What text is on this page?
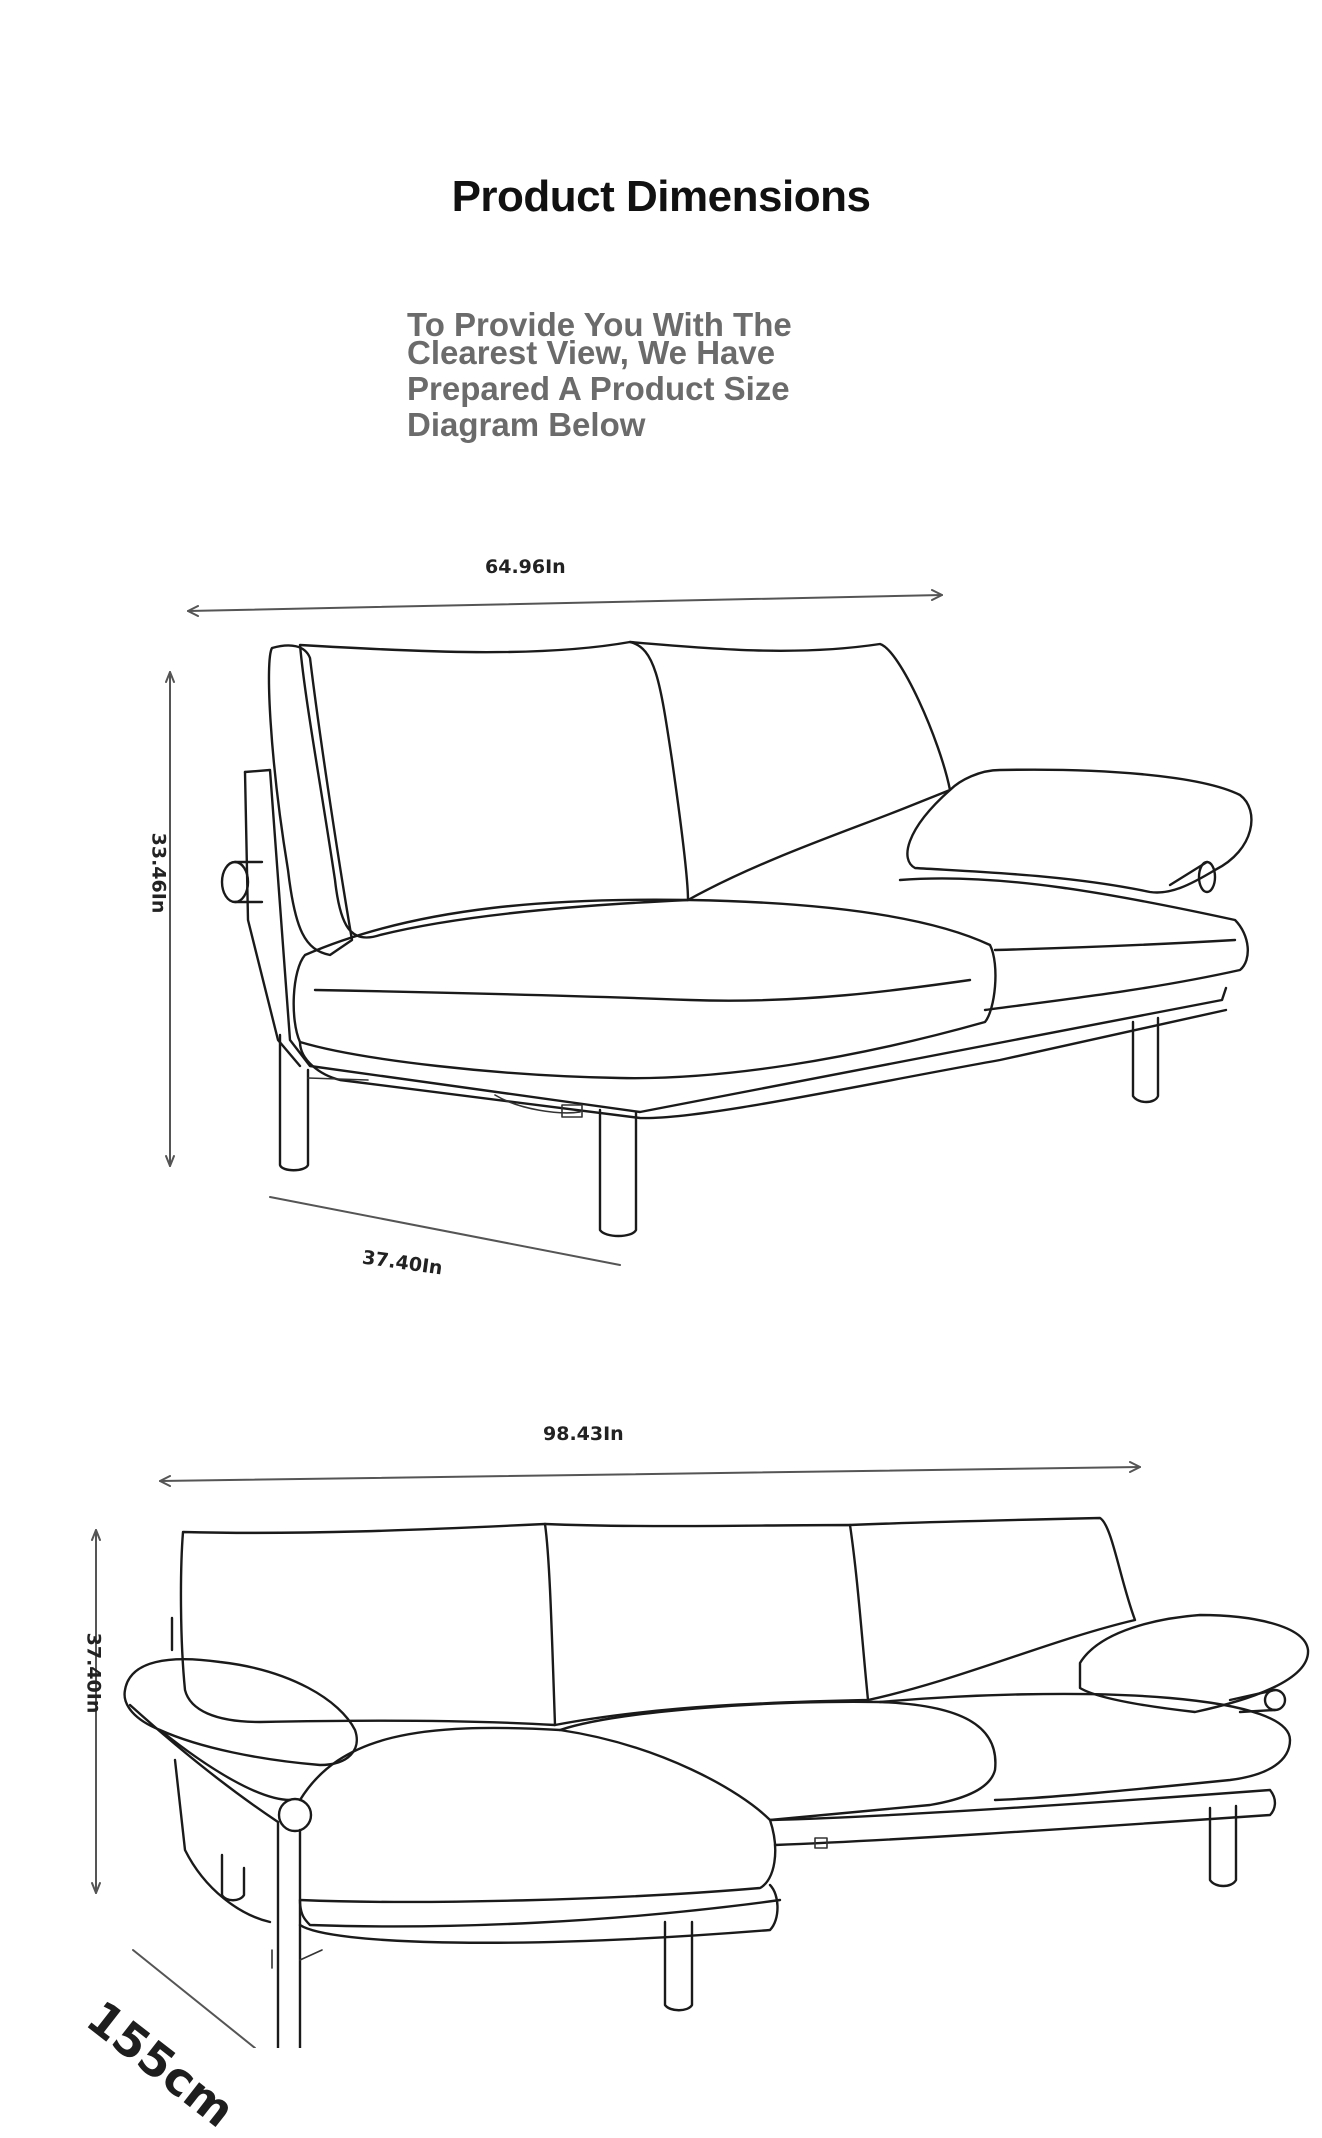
Product Dimensions
To Provide You With The
Clearest View, We Have
Prepared A Product Size
Diagram Below
64.96In
33.46In
37.40In
98.43In
37.40In
155cm
